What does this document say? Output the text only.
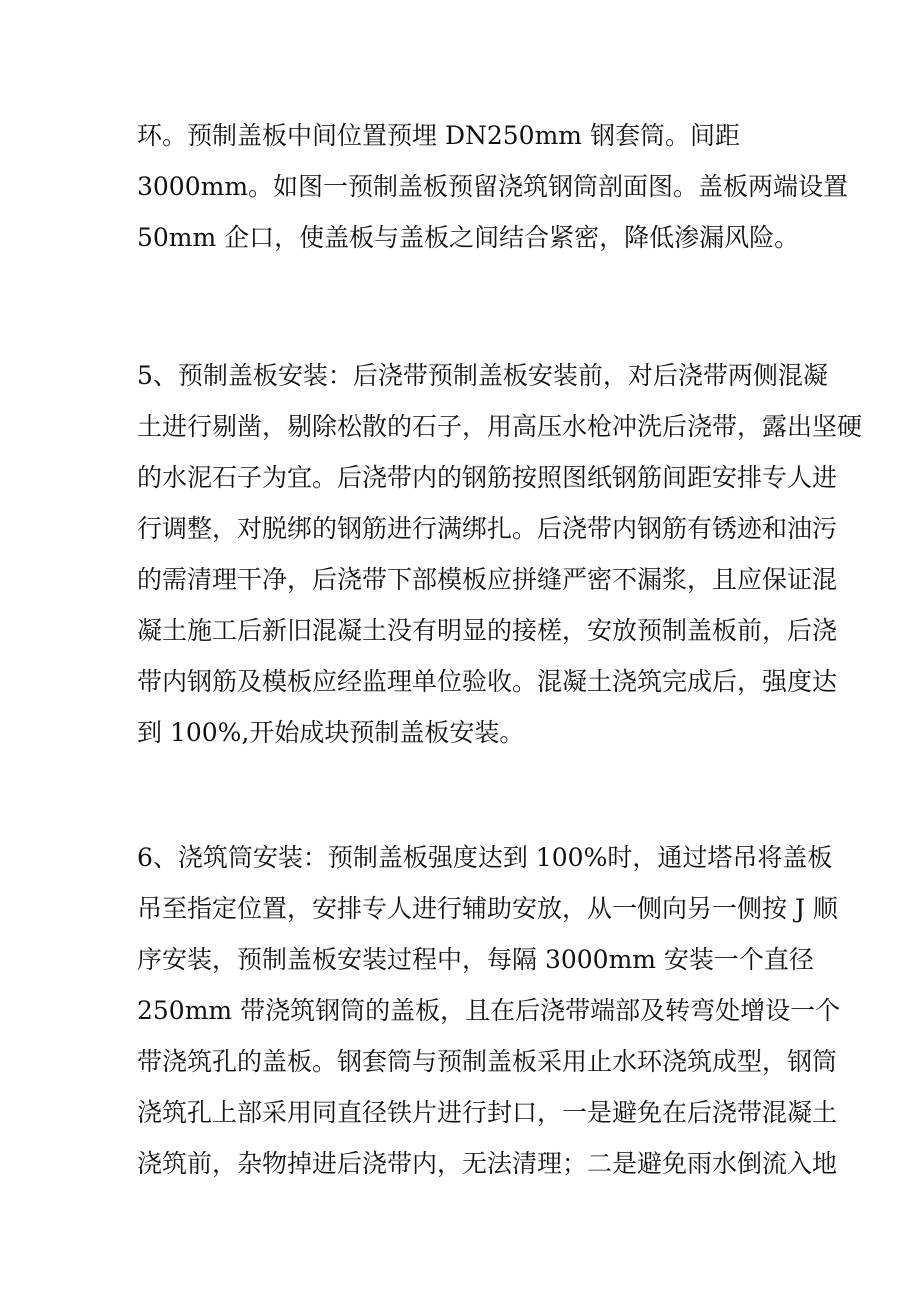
环。预制盖板中间位置预埋 DN250mm 钢套筒。间距
3000mm。如图一预制盖板预留浇筑钢筒剖面图。盖板两端设置
50mm 企口，使盖板与盖板之间结合紧密，降低渗漏风险。
5、预制盖板安装：后浇带预制盖板安装前，对后浇带两侧混凝
土进行剔凿，剔除松散的石子，用高压水枪冲洗后浇带，露出坚硬
的水泥石子为宜。后浇带内的钢筋按照图纸钢筋间距安排专人进
行调整，对脱绑的钢筋进行满绑扎。后浇带内钢筋有锈迹和油污
的需清理干净，后浇带下部模板应拼缝严密不漏浆，且应保证混
凝土施工后新旧混凝土没有明显的接槎，安放预制盖板前，后浇
带内钢筋及模板应经监理单位验收。混凝土浇筑完成后，强度达
到 100%,开始成块预制盖板安装。
6、浇筑筒安装：预制盖板强度达到 100%时，通过塔吊将盖板
吊至指定位置，安排专人进行辅助安放，从一侧向另一侧按 J 顺
序安装，预制盖板安装过程中，每隔 3000mm 安装一个直径
250mm 带浇筑钢筒的盖板，且在后浇带端部及转弯处增设一个
带浇筑孔的盖板。钢套筒与预制盖板采用止水环浇筑成型，钢筒
浇筑孔上部采用同直径铁片进行封口，一是避免在后浇带混凝土
浇筑前，杂物掉进后浇带内，无法清理；二是避免雨水倒流入地
